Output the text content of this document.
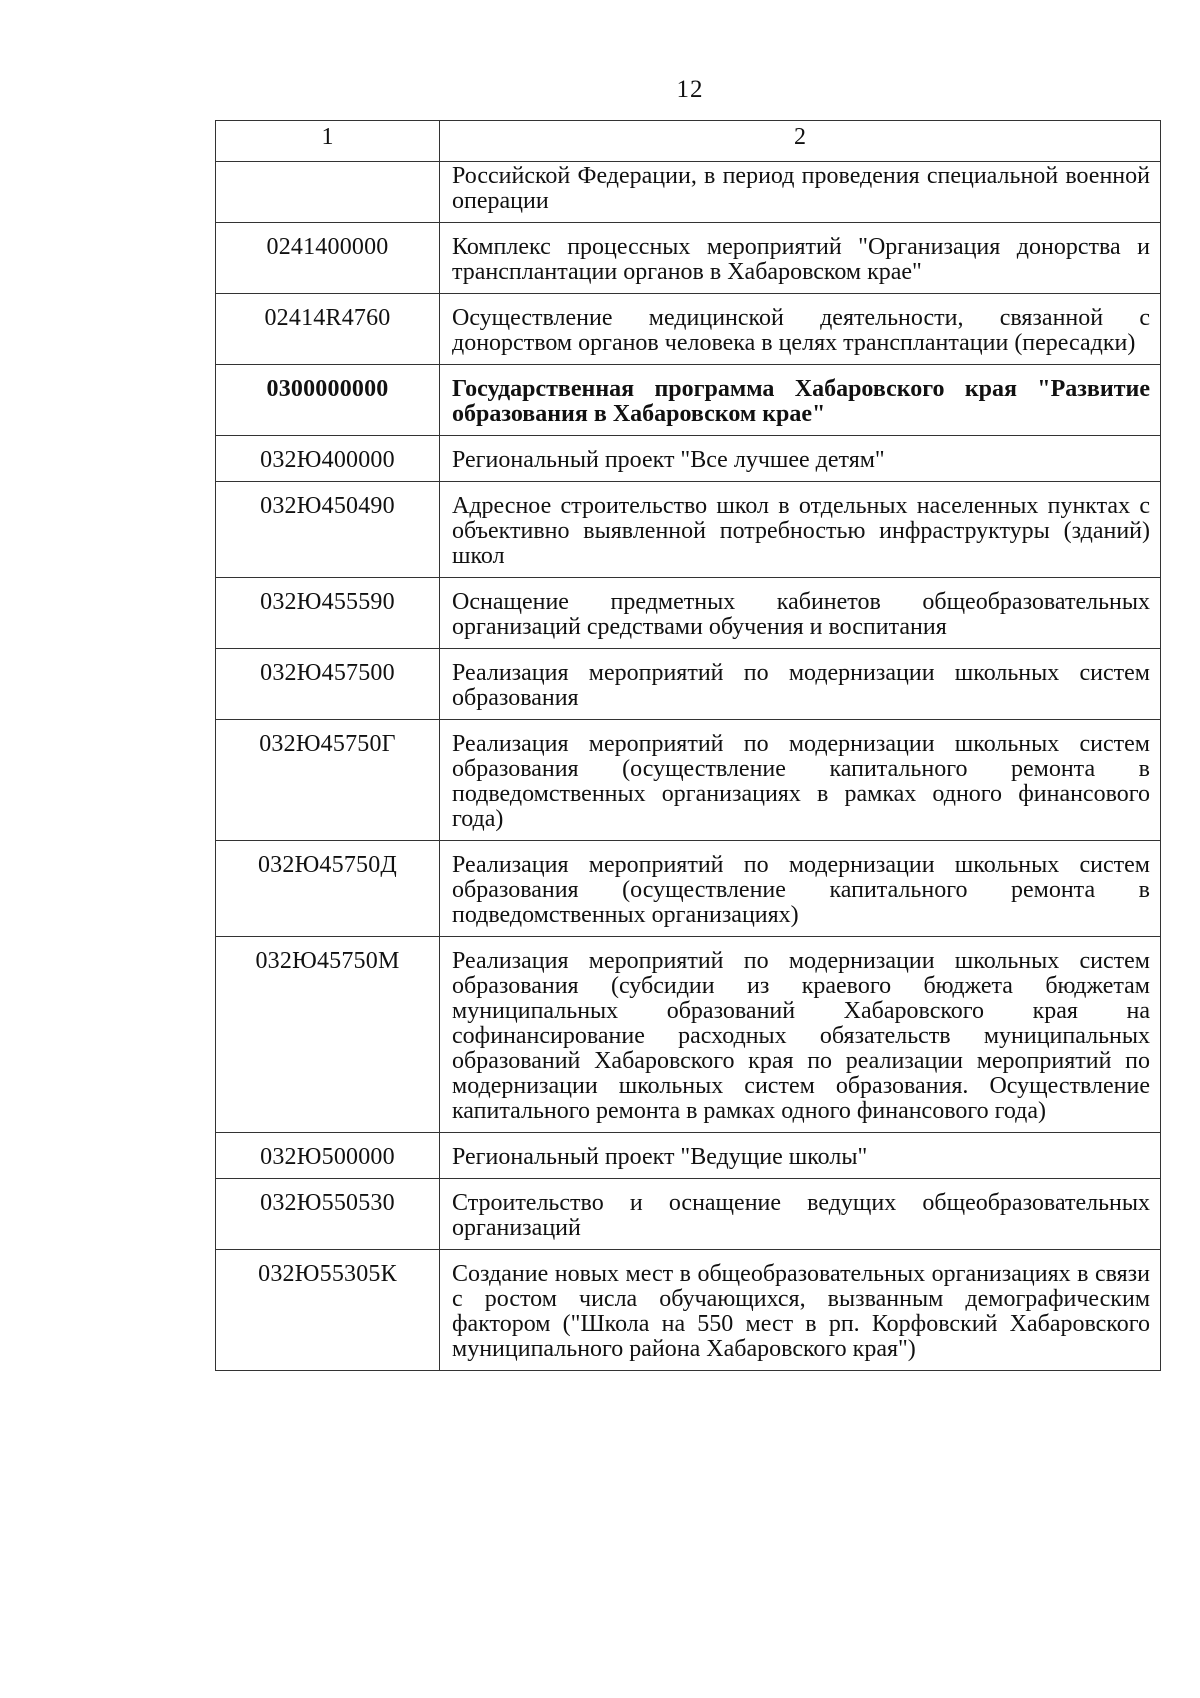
12
1	2
	Российской Федерации, в период проведения специальной военной операции
0241400000	Комплекс процессных мероприятий "Организация донорства и трансплантации органов в Хабаровском крае"
02414R4760	Осуществление медицинской деятельности, связанной с донорством органов человека в целях трансплантации (пересадки)
0300000000	Государственная программа Хабаровского края "Развитие образования в Хабаровском крае"
032Ю400000	Региональный проект "Все лучшее детям"
032Ю450490	Адресное строительство школ в отдельных населенных пунктах с объективно выявленной потребностью инфраструктуры (зданий) школ
032Ю455590	Оснащение предметных кабинетов общеобразовательных организаций средствами обучения и воспитания
032Ю457500	Реализация мероприятий по модернизации школьных систем образования
032Ю45750Г	Реализация мероприятий по модернизации школьных систем образования (осуществление капитального ремонта в подведомственных организациях в рамках одного финансового года)
032Ю45750Д	Реализация мероприятий по модернизации школьных систем образования (осуществление капитального ремонта в подведомственных организациях)
032Ю45750М	Реализация мероприятий по модернизации школьных систем образования (субсидии из краевого бюджета бюджетам муниципальных образований Хабаровского края на софинансирование расходных обязательств муниципальных образований Хабаровского края по реализации мероприятий по модернизации школьных систем образования. Осуществление капитального ремонта в рамках одного финансового года)
032Ю500000	Региональный проект "Ведущие школы"
032Ю550530	Строительство и оснащение ведущих общеобразовательных организаций
032Ю55305К	Создание новых мест в общеобразовательных организациях в связи с ростом числа обучающихся, вызванным демографическим фактором ("Школа на 550 мест в рп. Корфовский Хабаровского муниципального района Хабаровского края")
